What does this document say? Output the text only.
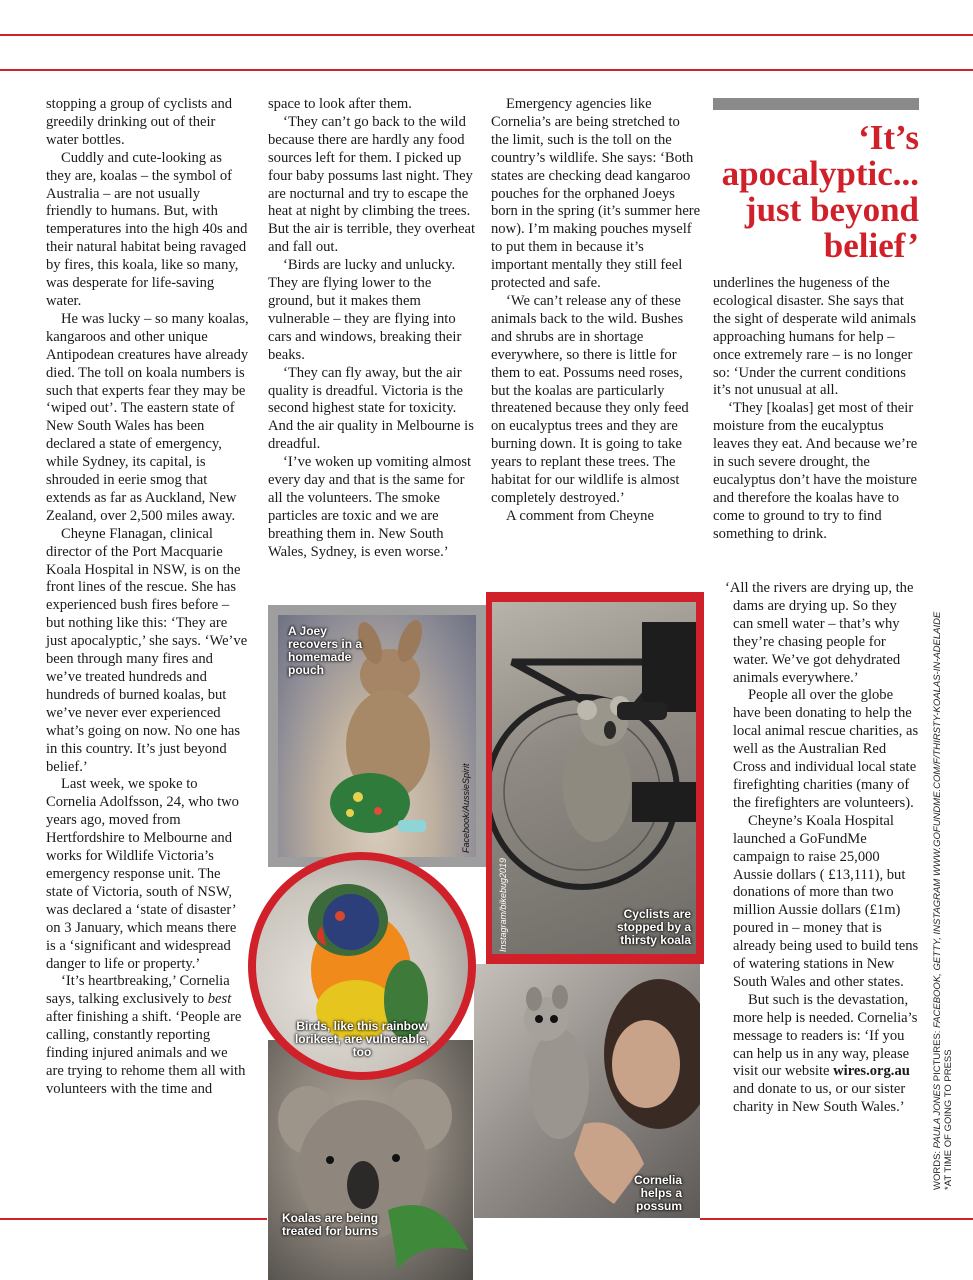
stopping a group of cyclists and greedily drinking out of their water bottles.

Cuddly and cute-looking as they are, koalas – the symbol of Australia – are not usually friendly to humans. But, with temperatures into the high 40s and their natural habitat being ravaged by fires, this koala, like so many, was desperate for life-saving water.

He was lucky – so many koalas, kangaroos and other unique Antipodean creatures have already died. The toll on koala numbers is such that experts fear they may be ‘wiped out’. The eastern state of New South Wales has been declared a state of emergency, while Sydney, its capital, is shrouded in eerie smog that extends as far as Auckland, New Zealand, over 2,500 miles away.

Cheyne Flanagan, clinical director of the Port Macquarie Koala Hospital in NSW, is on the front lines of the rescue. She has experienced bush fires before – but nothing like this: ‘They are just apocalyptic,’ she says. ‘We’ve been through many fires and we’ve treated hundreds and hundreds of burned koalas, but we’ve never ever experienced what’s going on now. No one has in this country. It’s just beyond belief.’

Last week, we spoke to Cornelia Adolfsson, 24, who two years ago, moved from Hertfordshire to Melbourne and works for Wildlife Victoria’s emergency response unit. The state of Victoria, south of NSW, was declared a ‘state of disaster’ on 3 January, which means there is a ‘significant and widespread danger to life or property.’

‘It’s heartbreaking,’ Cornelia says, talking exclusively to best after finishing a shift. ‘People are calling, constantly reporting finding injured animals and we are trying to rehome them all with volunteers with the time and

space to look after them.

‘They can’t go back to the wild because there are hardly any food sources left for them. I picked up four baby possums last night. They are nocturnal and try to escape the heat at night by climbing the trees. But the air is terrible, they overheat and fall out.

‘Birds are lucky and unlucky. They are flying lower to the ground, but it makes them vulnerable – they are flying into cars and windows, breaking their beaks.

‘They can fly away, but the air quality is dreadful. Victoria is the second highest state for toxicity. And the air quality in Melbourne is dreadful.

‘I’ve woken up vomiting almost every day and that is the same for all the volunteers. The smoke particles are toxic and we are breathing them in. New South Wales, Sydney, is even worse.’

Emergency agencies like Cornelia’s are being stretched to the limit, such is the toll on the country’s wildlife. She says: ‘Both states are checking dead kangaroo pouches for the orphaned Joeys born in the spring (it’s summer here now). I’m making pouches myself to put them in because it’s important mentally they still feel protected and safe.

‘We can’t release any of these animals back to the wild. Bushes and shrubs are in shortage everywhere, so there is little for them to eat. Possums need roses, but the koalas are particularly threatened because they only feed on eucalyptus trees and they are burning down. It is going to take years to replant these trees. The habitat for our wildlife is almost completely destroyed.’

A comment from Cheyne

‘It’s apocalyptic... just beyond belief’

underlines the hugeness of the ecological disaster. She says that the sight of desperate wild animals approaching humans for help – once extremely rare – is no longer so: ‘Under the current conditions it’s not unusual at all.

‘They [koalas] get most of their moisture from the eucalyptus leaves they eat. And because we’re in such severe drought, the eucalyptus don’t have the moisture and therefore the koalas have to come to ground to try to find something to drink.

‘All the rivers are drying up, the dams are drying up. So they can smell water – that’s why they’re chasing people for water. We’ve got dehydrated animals everywhere.’

People all over the globe have been donating to help the local animal rescue charities, as well as the Australian Red Cross and individual local state firefighting charities (many of the firefighters are volunteers).

Cheyne’s Koala Hospital launched a GoFundMe campaign to raise 25,000 Aussie dollars ( £13,111), but donations of more than two million Aussie dollars (£1m) poured in – money that is already being used to build tens of watering stations in New South Wales and other states.

But such is the devastation, more help is needed. Cornelia’s message to readers is: ‘If you can help us in any way, please visit our website wires.org.au and donate to us, or our sister charity in New South Wales.’

Facebook/AussieSpirit
A Joey recovers in a homemade pouch
Instagram/bikebug2019	Cyclists are stopped by a thirsty koala
Koalas are being treated for burns
Cornelia helps a possum
Birds, like this rainbow lorikeet, are vulnerable, too
WORDS: PAULA JONES PICTURES: FACEBOOK, GETTY, INSTAGRAM WWW.GOFUNDME.COM/F/THIRSTY-KOALAS-IN-ADELAIDE
*AT TIME OF GOING TO PRESS
